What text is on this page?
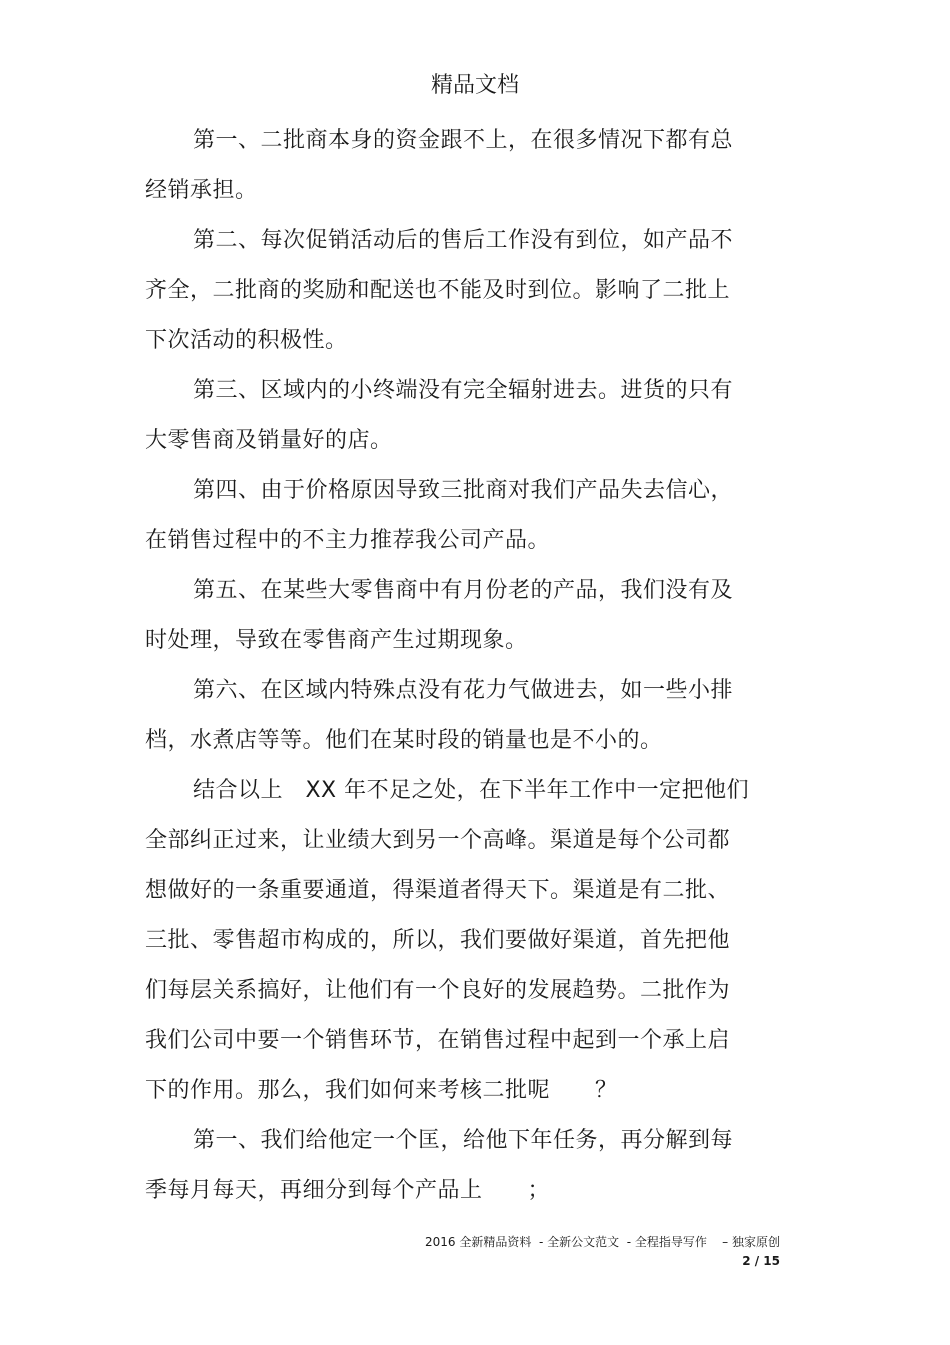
精品文档
第一、二批商本身的资金跟不上，在很多情况下都有总
经销承担。
第二、每次促销活动后的售后工作没有到位，如产品不
齐全，二批商的奖励和配送也不能及时到位。影响了二批上
下次活动的积极性。
第三、区域内的小终端没有完全辐射进去。进货的只有
大零售商及销量好的店。
第四、由于价格原因导致三批商对我们产品失去信心，
在销售过程中的不主力推荐我公司产品。
第五、在某些大零售商中有月份老的产品，我们没有及
时处理，导致在零售商产生过期现象。
第六、在区域内特殊点没有花力气做进去，如一些小排
档，水煮店等等。他们在某时段的销量也是不小的。
结合以上   XX 年不足之处，在下半年工作中一定把他们
全部纠正过来，让业绩大到另一个高峰。渠道是每个公司都
想做好的一条重要通道，得渠道者得天下。渠道是有二批、
三批、零售超市构成的，所以，我们要做好渠道，首先把他
们每层关系搞好，让他们有一个良好的发展趋势。二批作为
我们公司中要一个销售环节，在销售过程中起到一个承上启
下的作用。那么，我们如何来考核二批呢      ？
第一、我们给他定一个匡，给他下年任务，再分解到每
季每月每天，再细分到每个产品上      ；
2016 全新精品资料  - 全新公文范文  - 全程指导写作    – 独家原创
2 / 15
